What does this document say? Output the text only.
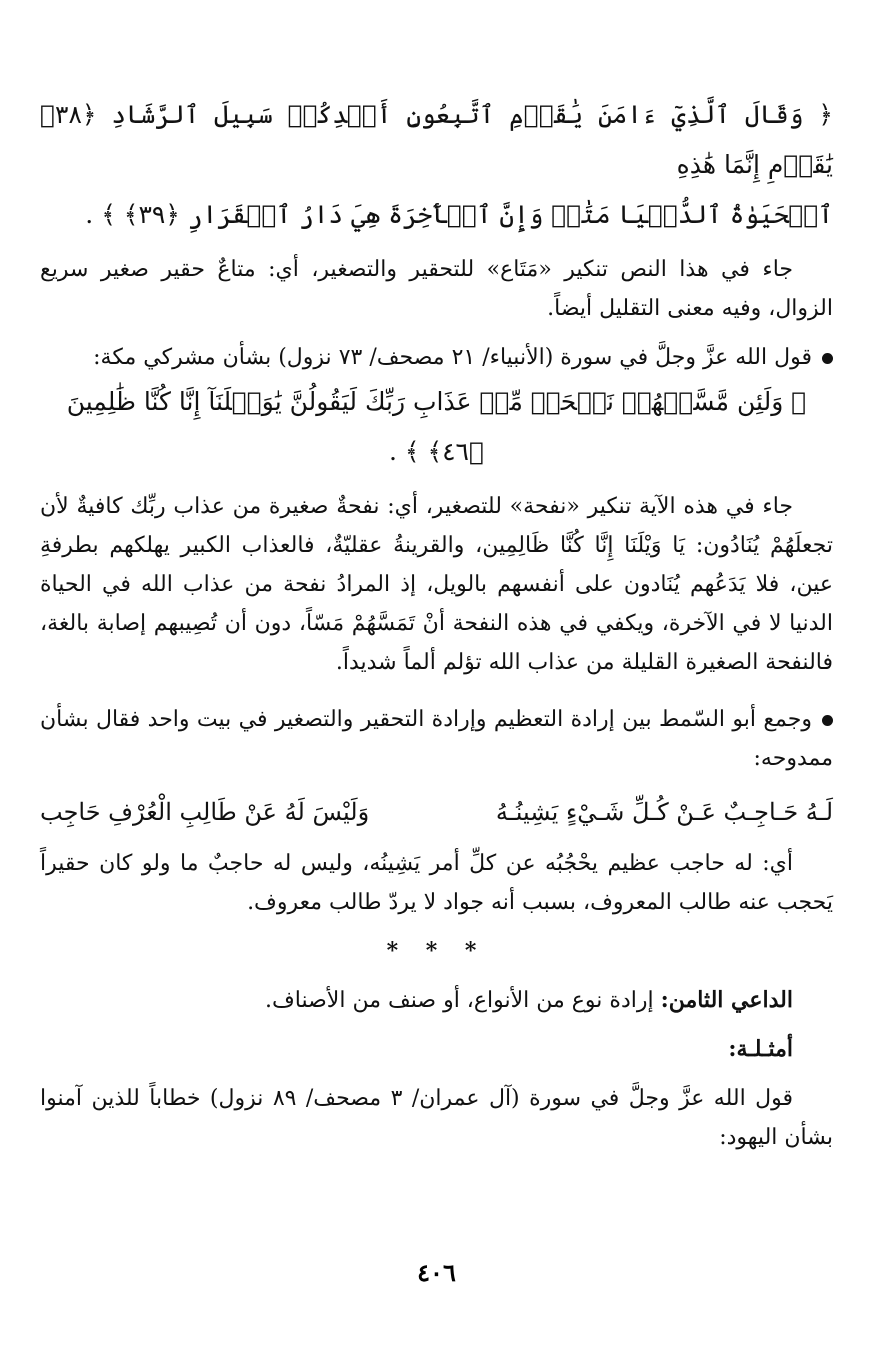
﴿ وَقَالَ ٱلَّذِيٓ ءَامَنَ يَٰقَوۡمِ ٱتَّبِعُونِ أَهۡدِكُمۡ سَبِيلَ ٱلرَّشَادِ ﴿٣٨﴾ يَٰقَوۡمِ إِنَّمَا هَٰذِهِ
ٱلۡحَيَوٰةُ ٱلدُّنۡيَا مَتَٰعٞ وَإِنَّ ٱلۡأٓخِرَةَ هِيَ دَارُ ٱلۡقَرَارِ ﴿٣٩﴾ ﴾ .
جاء في هذا النص تنكير «مَتَاع» للتحقير والتصغير، أي: متاعٌ حقير صغير سريع الزوال، وفيه معنى التقليل أيضاً.
قول الله عزَّ وجلَّ في سورة (الأنبياء/ ٢١ مصحف/ ٧٣ نزول) بشأن مشركي مكة:
﴿ وَلَئِن مَّسَّتۡهُمۡ نَفۡحَةٞ مِّنۡ عَذَابِ رَبِّكَ لَيَقُولُنَّ يَٰوَيۡلَنَآ إِنَّا كُنَّا ظَٰلِمِينَ ﴿٤٦﴾ ﴾ .
جاء في هذه الآية تنكير «نفحة» للتصغير، أي: نفحةٌ صغيرة من عذاب ربِّك كافيةٌ لأن تجعلَهُمْ يُنَادُون: يَا وَيْلَنَا إِنَّا كُنَّا ظَالِمِين، والقرينةُ عقليّةٌ، فالعذاب الكبير يهلكهم بطرفةِ عين، فلا يَدَعُهم يُنَادون على أنفسهم بالويل، إذ المرادُ نفحة من عذاب الله في الحياة الدنيا لا في الآخرة، ويكفي في هذه النفحة أنْ تَمَسَّهُمْ مَسّاً، دون أن تُصِيبهم إصابة بالغة، فالنفحة الصغيرة القليلة من عذاب الله تؤلم ألماً شديداً.
وجمع أبو السّمط بين إرادة التعظيم وإرادة التحقير والتصغير في بيت واحد فقال بشأن ممدوحه:
لَـهُ حَـاجِـبٌ عَـنْ كُـلِّ شَـيْءٍ يَشِينُـهُ
وَلَيْسَ لَهُ عَنْ طَالِبِ الْعُرْفِ حَاجِب
أي: له حاجب عظيم يحْجُبُه عن كلِّ أمر يَشِينُه، وليس له حاجبٌ ما ولو كان حقيراً يَحجب عنه طالب المعروف، بسبب أنه جواد لا يردّ طالب معروف.
* * *
الداعي الثامن: إرادة نوع من الأنواع، أو صنف من الأصناف.
أمثـلـة:
قول الله عزَّ وجلَّ في سورة (آل عمران/ ٣ مصحف/ ٨٩ نزول) خطاباً للذين آمنوا بشأن اليهود:
٤٠٦
